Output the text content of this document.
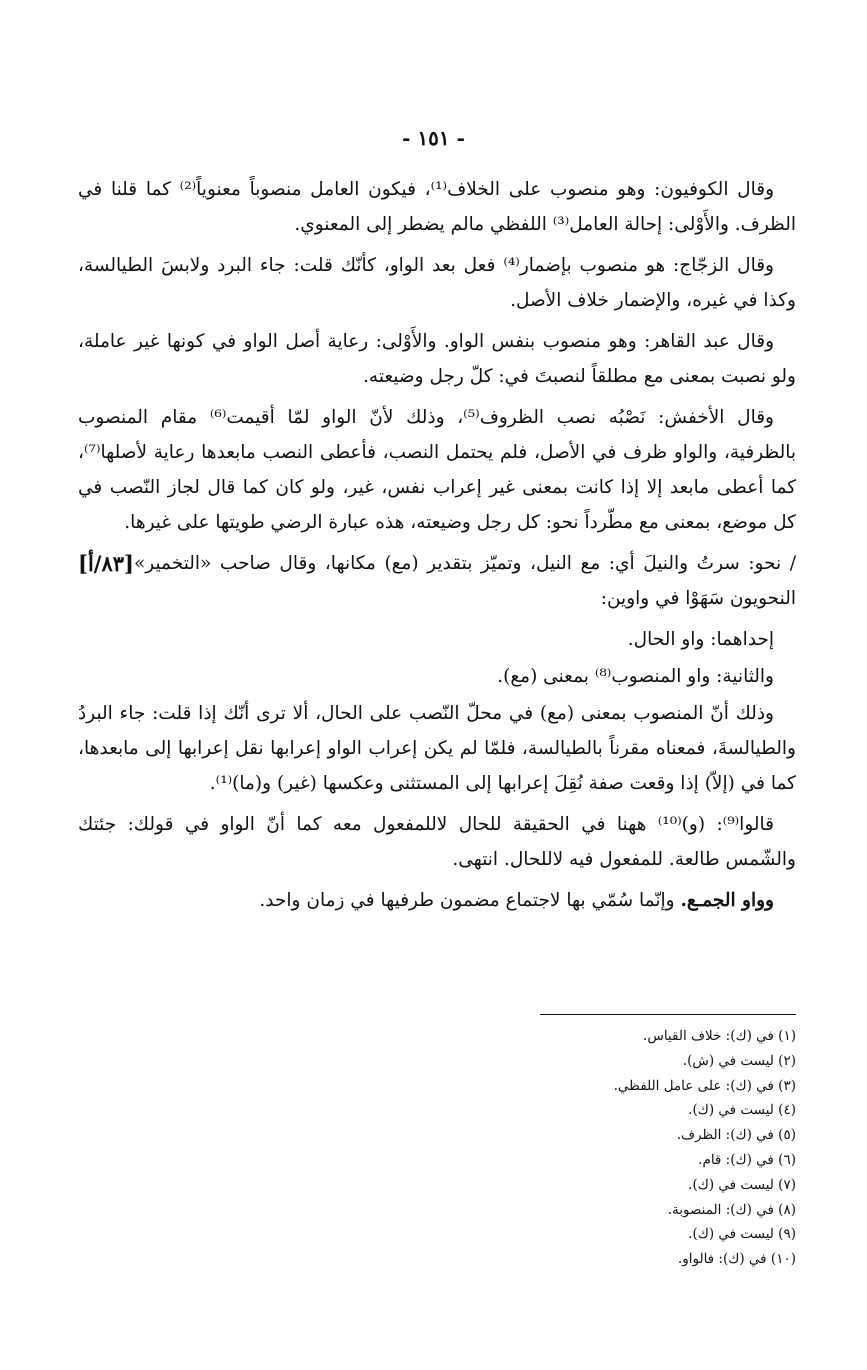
- ١٥١ -

وقال الكوفيون: وهو منصوب على الخلاف⁽¹⁾، فيكون العامل منصوباً معنوياً⁽²⁾ كما قلنا في الظرف. والأَوْلى: إحالة العامل⁽³⁾ اللفظي مالم يضطر إلى المعنوي.

وقال الزجّاج: هو منصوب بإضمار⁽⁴⁾ فعل بعد الواو، كأنّك قلت: جاء البرد ولابسَ الطيالسة، وكذا في غيره، والإضمار خلاف الأصل.

وقال عبد القاهر: وهو منصوب بنفس الواو. والأَوْلى: رعاية أصل الواو في كونها غير عاملة، ولو نصبت بمعنى مع مطلقاً لنصبتَ في: كلّ رجل وضيعته.

وقال الأخفش: نَصْبُه نصب الظروف⁽⁵⁾، وذلك لأنّ الواو لمّا أقيمت⁽⁶⁾ مقام المنصوب بالظرفية، والواو ظرف في الأصل، فلم يحتمل النصب، فأعطى النصب مابعدها رعاية لأصلها⁽⁷⁾، كما أعطى مابعد إلا إذا كانت بمعنى غير إعراب نفس، غير، ولو كان كما قال لجاز النّصب في كل موضع، بمعنى مع مطّرداً نحو: كل رجل وضيعته، هذه عبارة الرضي طويتها على غيرها.

[٨٣/أ] / نحو: سرتُ والنيلَ أي: مع النيل، وتميّز بتقدير (مع) مكانها، وقال صاحب «التخمير» النحويون سَهَوْا في واوين:

إحداهما: واو الحال.

والثانية: واو المنصوب⁽⁸⁾ بمعنى (مع).

وذلك أنّ المنصوب بمعنى (مع) في محلّ النّصب على الحال، ألا ترى أنّك إذا قلت: جاء البردُ والطيالسةَ، فمعناه مقرناً بالطيالسة، فلمّا لم يكن إعراب الواو إعرابها نقل إعرابها إلى مابعدها، كما في (إلاّ) إذا وقعت صفة نُقِلَ إعرابها إلى المستثنى وعكسها (غير) و(ما)⁽¹⁾.

قالوا⁽⁹⁾: (و)⁽¹⁰⁾ ههنا في الحقيقة للحال لاللمفعول معه كما أنّ الواو في قولك: جئتك والشّمس طالعة. للمفعول فيه لاللحال. انتهى.

وواو الجمـع. وإنّما سُمّي بها لاجتماع مضمون طرفيها في زمان واحد.

(١) في (ك): خلاف القياس.
(٢) ليست في (ش).
(٣) في (ك): على عامل اللفظي.
(٤) ليست في (ك).
(٥) في (ك): الظرف.
(٦) في (ك): قام.
(٧) ليست في (ك).
(٨) في (ك): المنصوبة.
(٩) ليست في (ك).
(١٠) في (ك): فالواو.
